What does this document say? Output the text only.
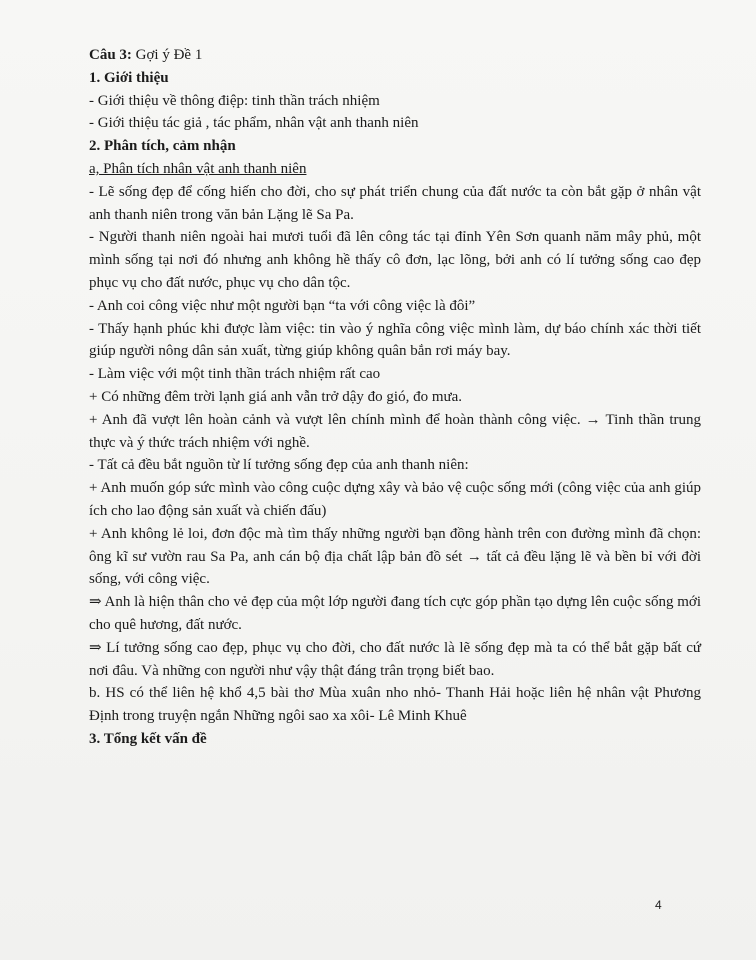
Câu 3: Gợi ý Đề 1
1. Giới thiệu
- Giới thiệu về thông điệp: tinh thần trách nhiệm
- Giới thiệu tác giả , tác phẩm, nhân vật anh thanh niên
2. Phân tích, cảm nhận
a, Phân tích nhân vật anh thanh niên

- Lẽ sống đẹp để cống hiến cho đời, cho sự phát triển chung của đất nước ta còn bắt gặp ở nhân vật anh thanh niên trong văn bản Lặng lẽ Sa Pa.

- Người thanh niên ngoài hai mươi tuổi đã lên công tác tại đỉnh Yên Sơn quanh năm mây phủ, một mình sống tại nơi đó nhưng anh không hề thấy cô đơn, lạc lõng, bởi anh có lí tưởng sống cao đẹp phục vụ cho đất nước, phục vụ cho dân tộc.

- Anh coi công việc như một người bạn “ta với công việc là đôi”

- Thấy hạnh phúc khi được làm việc: tin vào ý nghĩa công việc mình làm, dự báo chính xác thời tiết giúp người nông dân sản xuất, từng giúp không quân bắn rơi máy bay.

- Làm việc với một tinh thần trách nhiệm rất cao

+ Có những đêm trời lạnh giá anh vẫn trở dậy đo gió, đo mưa.

+ Anh đã vượt lên hoàn cảnh và vượt lên chính mình để hoàn thành công việc. → Tinh thần trung thực và ý thức trách nhiệm với nghề.

- Tất cả đều bắt nguồn từ lí tưởng sống đẹp của anh thanh niên:

+ Anh muốn góp sức mình vào công cuộc dựng xây và bảo vệ cuộc sống mới (công việc của anh giúp ích cho lao động sản xuất và chiến đấu)

+ Anh không lẻ loi, đơn độc mà tìm thấy những người bạn đồng hành trên con đường mình đã chọn: ông kĩ sư vườn rau Sa Pa, anh cán bộ địa chất lập bản đồ sét → tất cả đều lặng lẽ và bền bỉ với đời sống, với công việc.

⇒ Anh là hiện thân cho vẻ đẹp của một lớp người đang tích cực góp phần tạo dựng lên cuộc sống mới cho quê hương, đất nước.

⇒ Lí tưởng sống cao đẹp, phục vụ cho đời, cho đất nước là lẽ sống đẹp mà ta có thể bắt gặp bất cứ nơi đâu. Và những con người như vậy thật đáng trân trọng biết bao.

b. HS có thể liên hệ khổ 4,5 bài thơ Mùa xuân nho nhỏ- Thanh Hải hoặc liên hệ nhân vật Phương Định trong truyện ngắn Những ngôi sao xa xôi- Lê Minh Khuê

3. Tổng kết vấn đề
4
